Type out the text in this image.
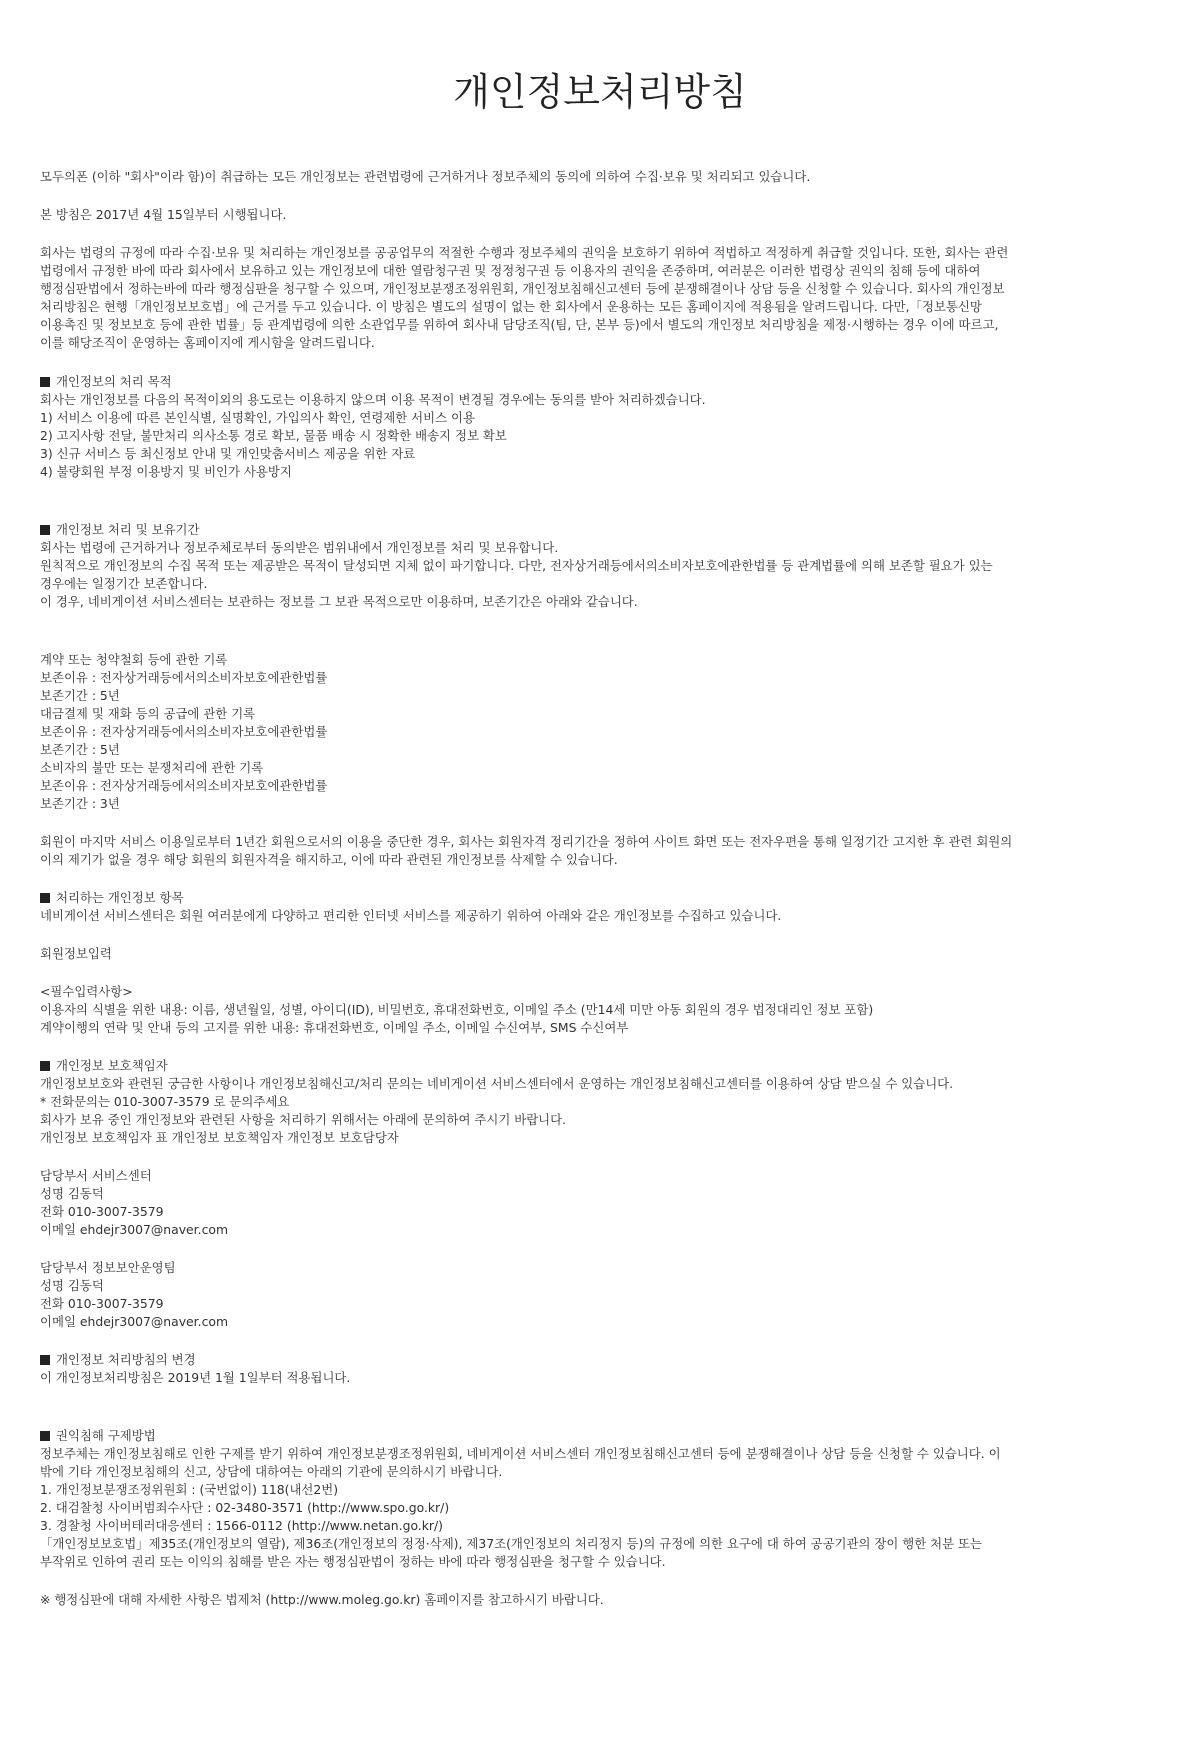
개인정보처리방침
모두의폰 (이하 "회사"이라 함)이 취급하는 모든 개인정보는 관련법령에 근거하거나 정보주체의 동의에 의하여 수집·보유 및 처리되고 있습니다.
본 방침은 2017년 4월 15일부터 시행됩니다.
회사는 법령의 규정에 따라 수집·보유 및 처리하는 개인정보를 공공업무의 적절한 수행과 정보주체의 권익을 보호하기 위하여 적법하고 적정하게 취급할 것입니다. 또한, 회사는 관련
법령에서 규정한 바에 따라 회사에서 보유하고 있는 개인정보에 대한 열람청구권 및 정정청구권 등 이용자의 권익을 존중하며, 여러분은 이러한 법령상 권익의 침해 등에 대하여
행정심판법에서 정하는바에 따라 행정심판을 청구할 수 있으며, 개인정보분쟁조정위원회, 개인정보침해신고센터 등에 분쟁해결이나 상담 등을 신청할 수 있습니다. 회사의 개인정보
처리방침은 현행「개인정보보호법」에 근거를 두고 있습니다. 이 방침은 별도의 설명이 없는 한 회사에서 운용하는 모든 홈페이지에 적용됨을 알려드립니다. 다만,「정보통신망
이용촉진 및 정보보호 등에 관한 법률」등 관계법령에 의한 소관업무를 위하여 회사내 담당조직(팀, 단, 본부 등)에서 별도의 개인정보 처리방침을 제정·시행하는 경우 이에 따르고,
이를 해당조직이 운영하는 홈페이지에 게시함을 알려드립니다.
개인정보의 처리 목적
회사는 개인정보를 다음의 목적이외의 용도로는 이용하지 않으며 이용 목적이 변경될 경우에는 동의를 받아 처리하겠습니다.
1) 서비스 이용에 따른 본인식별, 실명확인, 가입의사 확인, 연령제한 서비스 이용
2) 고지사항 전달, 불만처리 의사소통 경로 확보, 물품 배송 시 정확한 배송지 정보 확보
3) 신규 서비스 등 최신정보 안내 및 개인맞춤서비스 제공을 위한 자료
4) 불량회원 부정 이용방지 및 비인가 사용방지
개인정보 처리 및 보유기간
회사는 법령에 근거하거나 정보주체로부터 동의받은 범위내에서 개인정보를 처리 및 보유합니다.
원칙적으로 개인정보의 수집 목적 또는 제공받은 목적이 달성되면 지체 없이 파기합니다. 다만, 전자상거래등에서의소비자보호에관한법률 등 관계법률에 의해 보존할 필요가 있는
경우에는 일정기간 보존합니다.
이 경우, 네비게이션 서비스센터는 보관하는 정보를 그 보관 목적으로만 이용하며, 보존기간은 아래와 같습니다.
계약 또는 청약철회 등에 관한 기록
보존이유 : 전자상거래등에서의소비자보호에관한법률
보존기간 : 5년
대금결제 및 재화 등의 공급에 관한 기록
보존이유 : 전자상거래등에서의소비자보호에관한법률
보존기간 : 5년
소비자의 불만 또는 분쟁처리에 관한 기록
보존이유 : 전자상거래등에서의소비자보호에관한법률
보존기간 : 3년
회원이 마지막 서비스 이용일로부터 1년간 회원으로서의 이용을 중단한 경우, 회사는 회원자격 정리기간을 정하여 사이트 화면 또는 전자우편을 통해 일정기간 고지한 후 관련 회원의
이의 제기가 없을 경우 해당 회원의 회원자격을 해지하고, 이에 따라 관련된 개인정보를 삭제할 수 있습니다.
처리하는 개인정보 항목
네비게이션 서비스센터은 회원 여러분에게 다양하고 편리한 인터넷 서비스를 제공하기 위하여 아래와 같은 개인정보를 수집하고 있습니다.
회원정보입력
<필수입력사항>
이용자의 식별을 위한 내용: 이름, 생년월일, 성별, 아이디(ID), 비밀번호, 휴대전화번호, 이메일 주소 (만14세 미만 아동 회원의 경우 법정대리인 정보 포함)
계약이행의 연락 및 안내 등의 고지를 위한 내용: 휴대전화번호, 이메일 주소, 이메일 수신여부, SMS 수신여부
개인정보 보호책임자
개인정보보호와 관련된 궁금한 사항이나 개인정보침해신고/처리 문의는 네비게이션 서비스센터에서 운영하는 개인정보침해신고센터를 이용하여 상담 받으실 수 있습니다.
* 전화문의는 010-3007-3579 로 문의주세요
회사가 보유 중인 개인정보와 관련된 사항을 처리하기 위해서는 아래에 문의하여 주시기 바랍니다.
개인정보 보호책임자 표 개인정보 보호책임자 개인정보 보호담당자
담당부서 서비스센터
성명 김동덕
전화 010-3007-3579
이메일 ehdejr3007@naver.com
담당부서 정보보안운영팀
성명 김동덕
전화 010-3007-3579
이메일 ehdejr3007@naver.com
개인정보 처리방침의 변경
이 개인정보처리방침은 2019년 1월 1일부터 적용됩니다.
권익침해 구제방법
정보주체는 개인정보침해로 인한 구제를 받기 위하여 개인정보분쟁조정위원회, 네비게이션 서비스센터 개인정보침해신고센터 등에 분쟁해결이나 상담 등을 신청할 수 있습니다. 이
밖에 기타 개인정보침해의 신고, 상담에 대하여는 아래의 기관에 문의하시기 바랍니다.
1. 개인정보분쟁조정위원회 : (국번없이) 118(내선2번)
2. 대검찰청 사이버범죄수사단 : 02-3480-3571 (http://www.spo.go.kr/)
3. 경찰청 사이버테러대응센터 : 1566-0112 (http://www.netan.go.kr/)
「개인정보보호법」제35조(개인정보의 열람), 제36조(개인정보의 정정·삭제), 제37조(개인정보의 처리정지 등)의 규정에 의한 요구에 대 하여 공공기관의 장이 행한 처분 또는
부작위로 인하여 권리 또는 이익의 침해를 받은 자는 행정심판법이 정하는 바에 따라 행정심판을 청구할 수 있습니다.
※ 행정심판에 대해 자세한 사항은 법제처 (http://www.moleg.go.kr) 홈페이지를 참고하시기 바랍니다.
